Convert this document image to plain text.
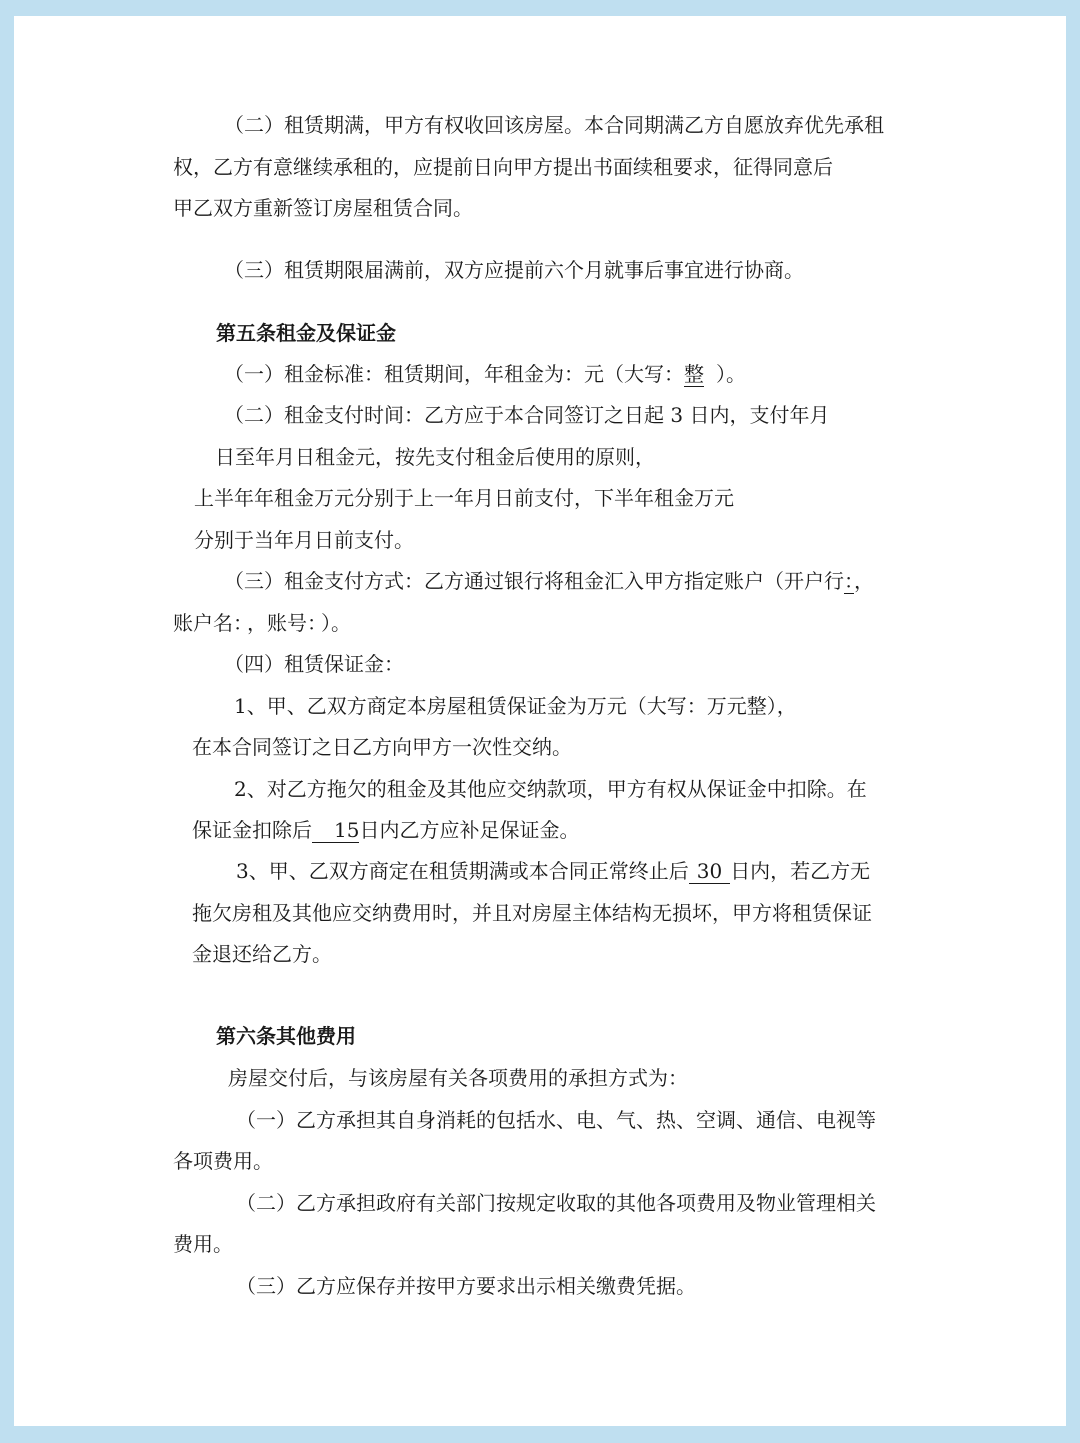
（二）租赁期满，甲方有权收回该房屋。本合同期满乙方自愿放弃优先承租
权，乙方有意继续承租的，应提前日向甲方提出书面续租要求，征得同意后
甲乙双方重新签订房屋租赁合同。
（三）租赁期限届满前，双方应提前六个月就事后事宜进行协商。
第五条租金及保证金
（一）租金标准：租赁期间，年租金为：元（大写：整 ）。
（二）租金支付时间：乙方应于本合同签订之日起 3 日内，支付年月
日至年月日租金元，按先支付租金后使用的原则，
上半年年租金万元分别于上一年月日前支付，下半年租金万元
分别于当年月日前支付。
（三）租金支付方式：乙方通过银行将租金汇入甲方指定账户（开户行：，
账户名： ，账号： ）。
（四）租赁保证金：
1、甲、乙双方商定本房屋租赁保证金为万元（大写：万元整），
在本合同签订之日乙方向甲方一次性交纳。
2、对乙方拖欠的租金及其他应交纳款项，甲方有权从保证金中扣除。在
保证金扣除后 15日内乙方应补足保证金。
3、甲、乙双方商定在租赁期满或本合同正常终止后 30 日内，若乙方无
拖欠房租及其他应交纳费用时，并且对房屋主体结构无损坏，甲方将租赁保证
金退还给乙方。
第六条其他费用
房屋交付后，与该房屋有关各项费用的承担方式为：
（一）乙方承担其自身消耗的包括水、电、气、热、空调、通信、电视等
各项费用。
（二）乙方承担政府有关部门按规定收取的其他各项费用及物业管理相关
费用。
（三）乙方应保存并按甲方要求出示相关缴费凭据。
